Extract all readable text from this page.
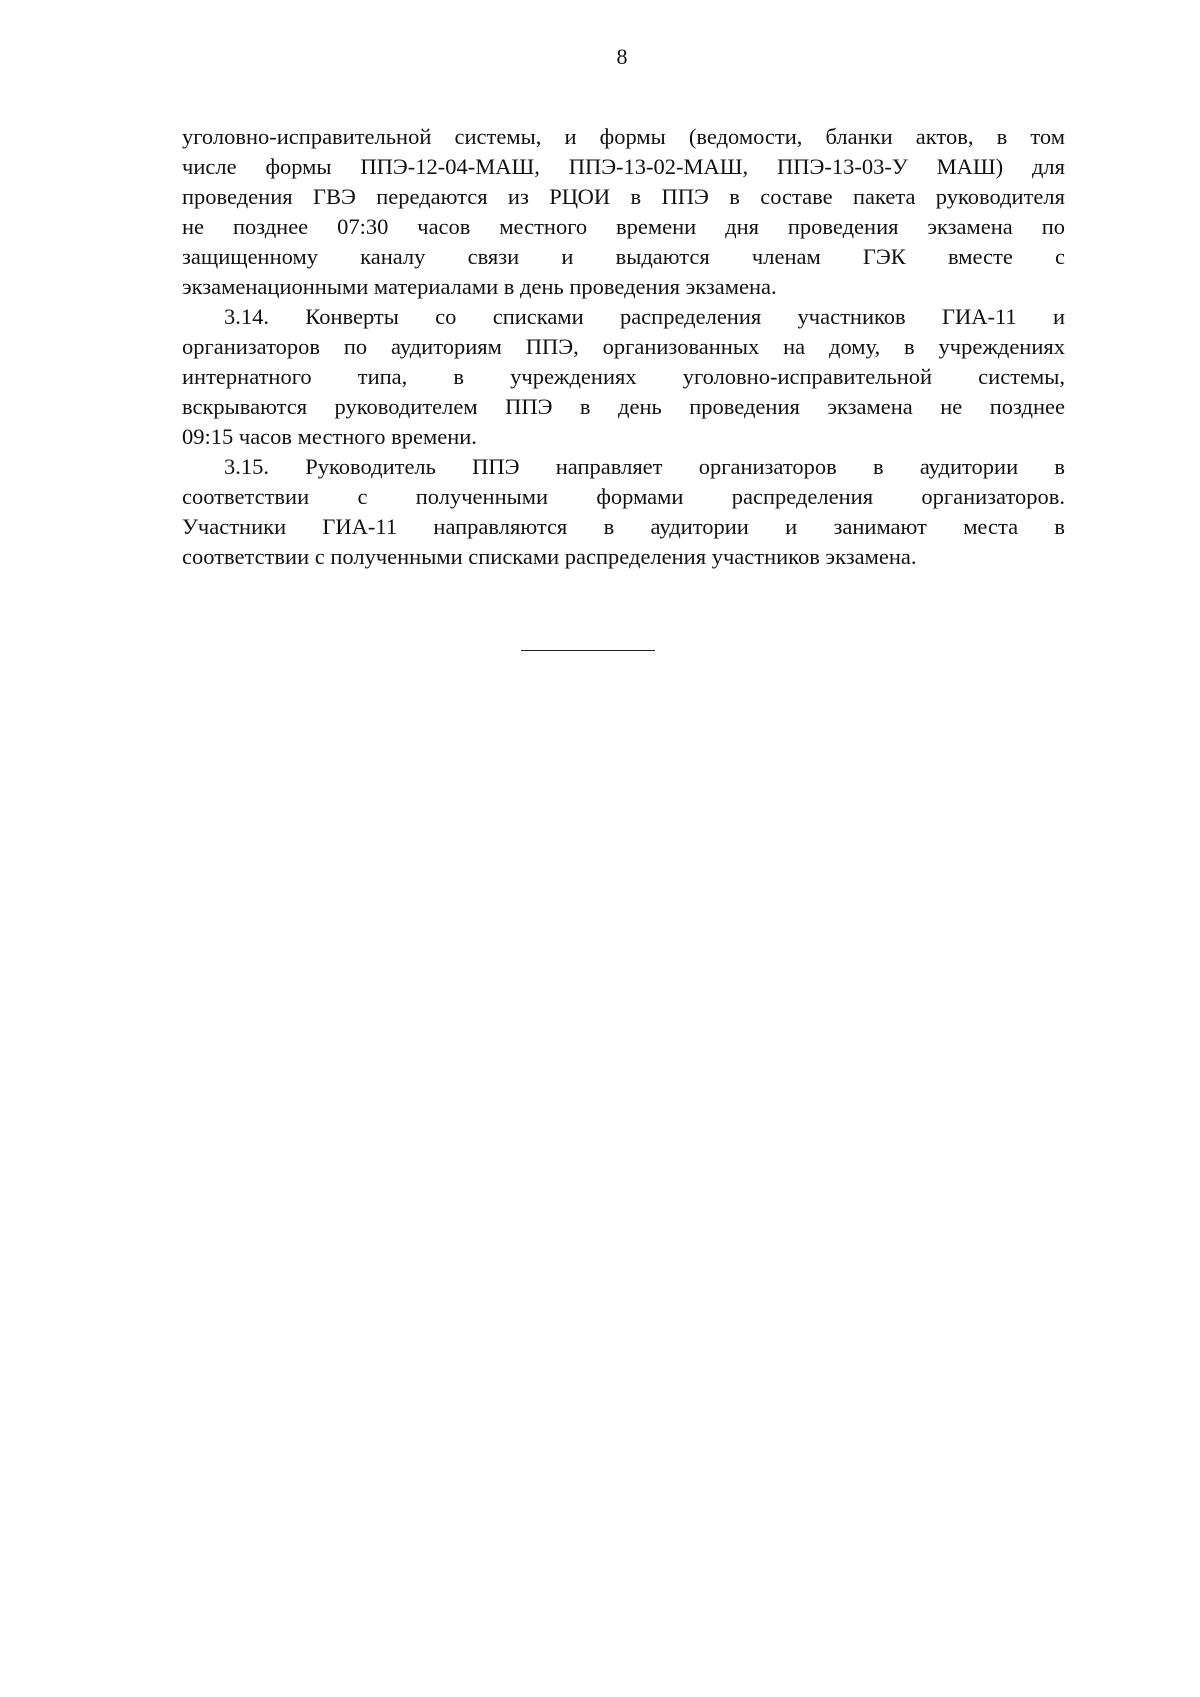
8
уголовно-исправительной системы, и формы (ведомости, бланки актов, в том
числе формы ППЭ-12-04-МАШ, ППЭ-13-02-МАШ, ППЭ-13-03-У МАШ) для
проведения ГВЭ передаются из РЦОИ в ППЭ в составе пакета руководителя
не позднее 07:30 часов местного времени дня проведения экзамена по
защищенному каналу связи и выдаются членам ГЭК вместе с
экзаменационными материалами в день проведения экзамена.
3.14. Конверты со списками распределения участников ГИА-11 и
организаторов по аудиториям ППЭ, организованных на дому, в учреждениях
интернатного типа, в учреждениях уголовно-исправительной системы,
вскрываются руководителем ППЭ в день проведения экзамена не позднее
09:15 часов местного времени.
3.15. Руководитель ППЭ направляет организаторов в аудитории в
соответствии с полученными формами распределения организаторов.
Участники ГИА-11 направляются в аудитории и занимают места в
соответствии с полученными списками распределения участников экзамена.
